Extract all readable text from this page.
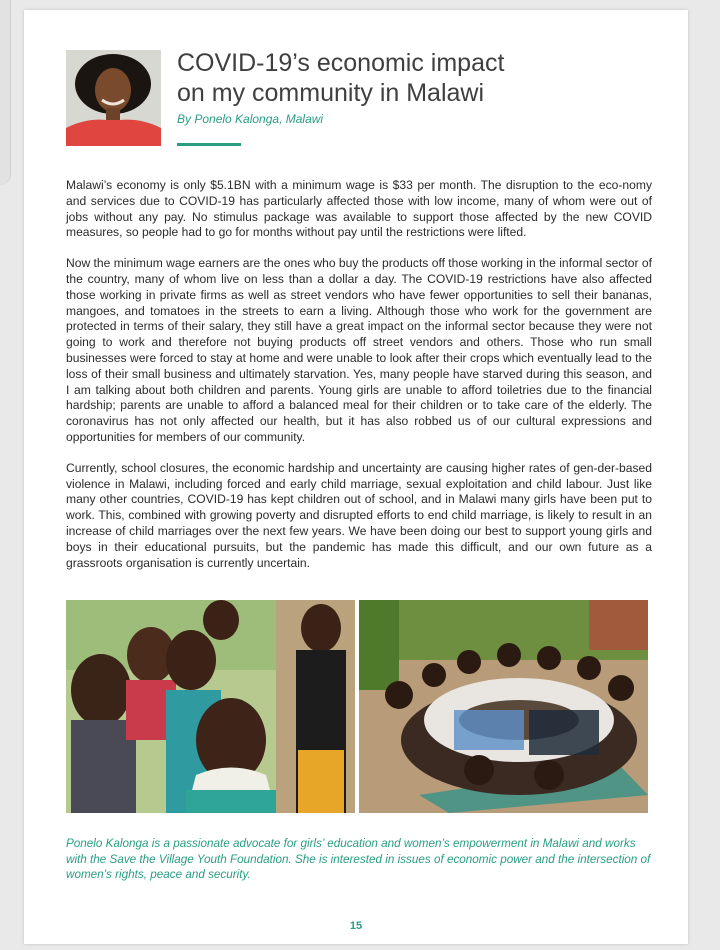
COVID-19’s economic impact
on my community in Malawi
By Ponelo Kalonga, Malawi

Malawi’s economy is only $5.1BN with a minimum wage is $33 per month. The disruption to the eco-nomy and services due to COVID-19 has particularly affected those with low income, many of whom were out of jobs without any pay. No stimulus package was available to support those affected by the new COVID measures, so people had to go for months without pay until the restrictions were lifted.

Now the minimum wage earners are the ones who buy the products off those working in the informal sector of the country, many of whom live on less than a dollar a day. The COVID-19 restrictions have also affected those working in private firms as well as street vendors who have fewer opportunities to sell their bananas, mangoes, and tomatoes in the streets to earn a living. Although those who work for the government are protected in terms of their salary, they still have a great impact on the informal sector because they were not going to work and therefore not buying products off street vendors and others. Those who run small businesses were forced to stay at home and were unable to look after their crops which eventually lead to the loss of their small business and ultimately starvation. Yes, many people have starved during this season, and I am talking about both children and parents. Young girls are unable to afford toiletries due to the financial hardship; parents are unable to afford a balanced meal for their children or to take care of the elderly. The coronavirus has not only affected our health, but it has also robbed us of our cultural expressions and opportunities for members of our community.

Currently, school closures, the economic hardship and uncertainty are causing higher rates of gen-der-based violence in Malawi, including forced and early child marriage, sexual exploitation and child labour. Just like many other countries, COVID-19 has kept children out of school, and in Malawi many girls have been put to work. This, combined with growing poverty and disrupted efforts to end child marriage, is likely to result in an increase of child marriages over the next few years. We have been doing our best to support young girls and boys in their educational pursuits, but the pandemic has made this difficult, and our own future as a grassroots organisation is currently uncertain.

Ponelo Kalonga is a passionate advocate for girls’ education and women’s empowerment in Malawi and works with the Save the Village Youth Foundation. She is interested in issues of economic power and the intersection of women’s rights, peace and security.
15
